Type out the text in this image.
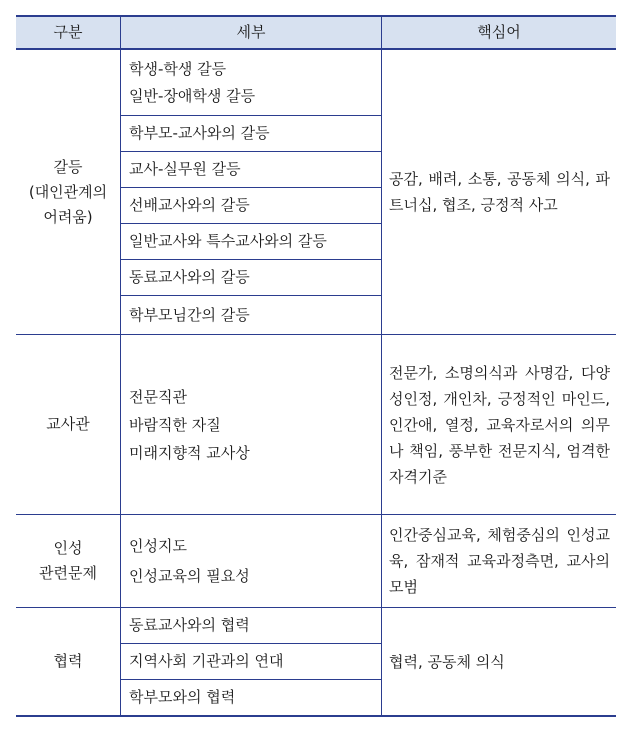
구분	세부	핵심어
갈등
(대인관계의
어려움)
학생-학생 갈등
일반-장애학생 갈등
학부모-교사와의 갈등
교사-실무원 갈등
선배교사와의 갈등
일반교사와 특수교사와의 갈등
동료교사와의 갈등
학부모님간의 갈등
공감, 배려, 소통, 공동체 의식, 파트너십, 협조, 긍정적 사고
교사관
전문직관
바람직한 자질
미래지향적 교사상
전문가, 소명의식과 사명감, 다양성인정, 개인차, 긍정적인 마인드, 인간애, 열정, 교육자로서의 의무나 책임, 풍부한 전문지식, 엄격한 자격기준
인성
관련문제
인성지도
인성교육의 필요성
인간중심교육, 체험중심의 인성교육, 잠재적 교육과정측면, 교사의 모범
협력
동료교사와의 협력
지역사회 기관과의 연대
학부모와의 협력
협력, 공동체 의식
